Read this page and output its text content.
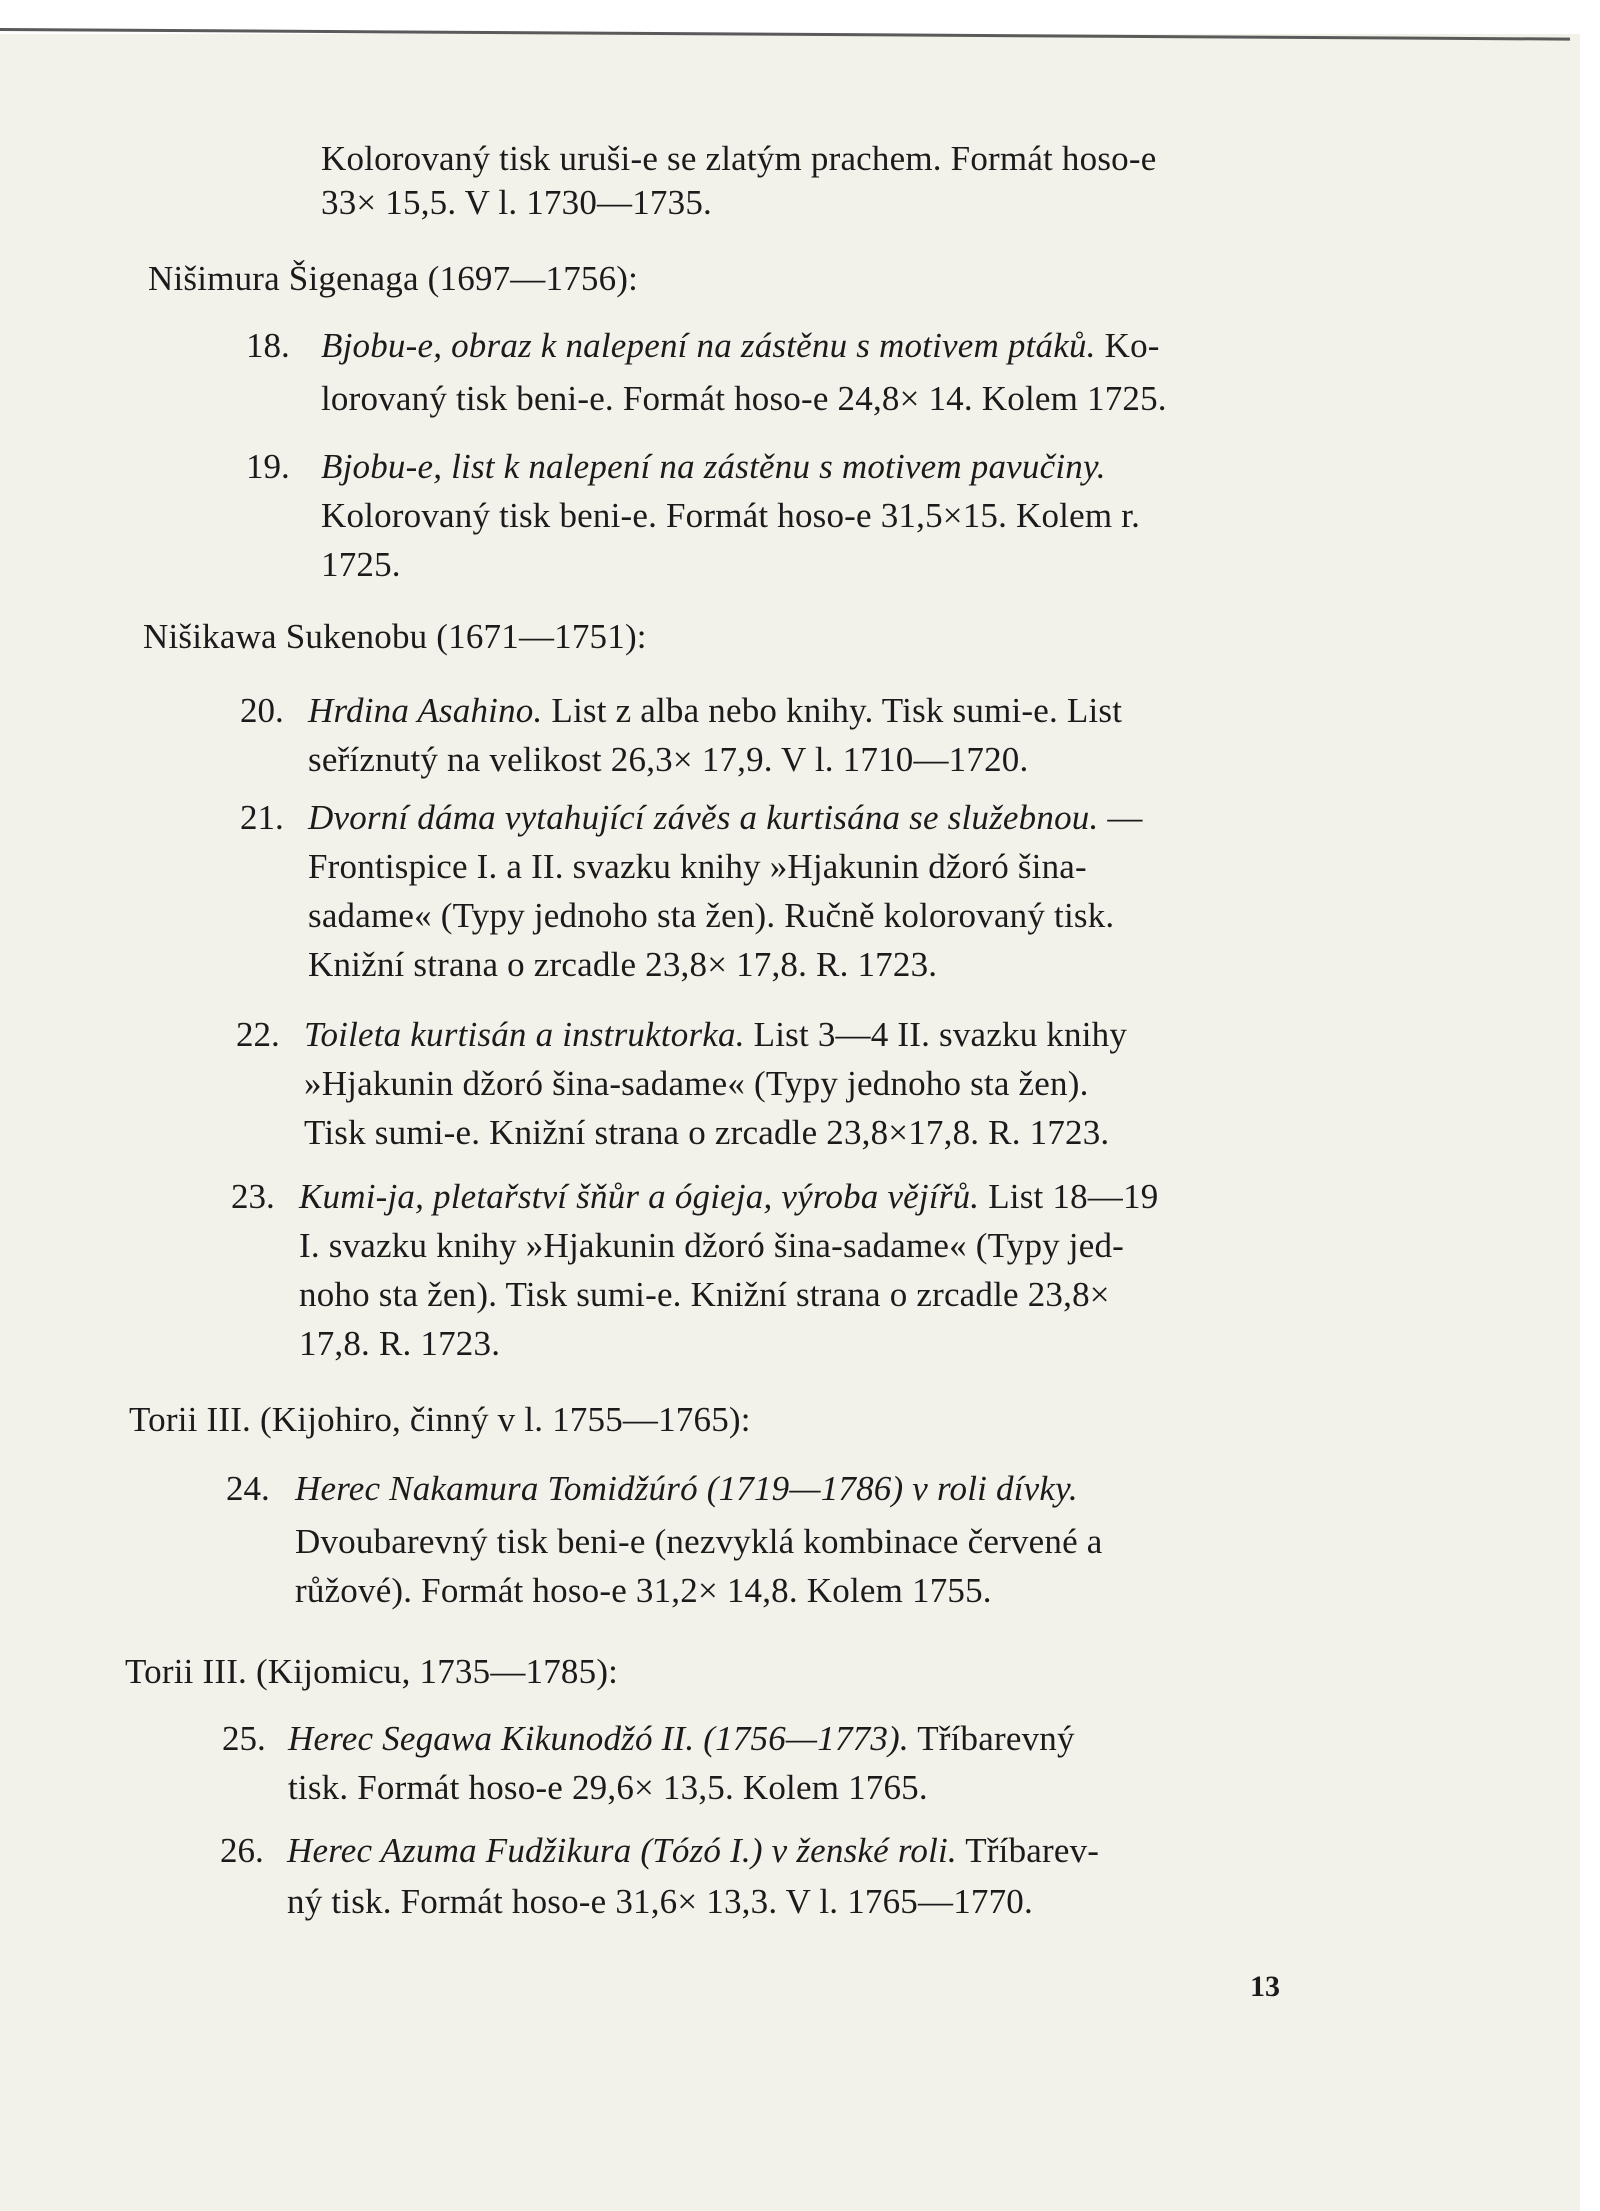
Kolorovaný tisk uruši-e se zlatým prachem. Formát hoso-e
33× 15,5. V l. 1730—1735.
Nišimura Šigenaga (1697—1756):
18. Bjobu-e, obraz k nalepení na zástěnu s motivem ptáků. Ko-
lorovaný tisk beni-e. Formát hoso-e 24,8× 14. Kolem 1725.
19. Bjobu-e, list k nalepení na zástěnu s motivem pavučiny.
Kolorovaný tisk beni-e. Formát hoso-e 31,5×15. Kolem r.
1725.
Nišikawa Sukenobu (1671—1751):
20. Hrdina Asahino. List z alba nebo knihy. Tisk sumi-e. List
seříznutý na velikost 26,3× 17,9. V l. 1710—1720.
21. Dvorní dáma vytahující závěs a kurtisána se služebnou. —
Frontispice I. a II. svazku knihy »Hjakunin džoró šina-
sadame« (Typy jednoho sta žen). Ručně kolorovaný tisk.
Knižní strana o zrcadle 23,8× 17,8. R. 1723.
22. Toileta kurtisán a instruktorka. List 3—4 II. svazku knihy
»Hjakunin džoró šina-sadame« (Typy jednoho sta žen).
Tisk sumi-e. Knižní strana o zrcadle 23,8×17,8. R. 1723.
23. Kumi-ja, pletařství šňůr a ógieja, výroba vějířů. List 18—19
I. svazku knihy »Hjakunin džoró šina-sadame« (Typy jed-
noho sta žen). Tisk sumi-e. Knižní strana o zrcadle 23,8×
17,8. R. 1723.
Torii III. (Kijohiro, činný v l. 1755—1765):
24. Herec Nakamura Tomidžúró (1719—1786) v roli dívky.
Dvoubarevný tisk beni-e (nezvyklá kombinace červené a
růžové). Formát hoso-e 31,2× 14,8. Kolem 1755.
Torii III. (Kijomicu, 1735—1785):
25. Herec Segawa Kikunodžó II. (1756—1773). Tříbarevný
tisk. Formát hoso-e 29,6× 13,5. Kolem 1765.
26. Herec Azuma Fudžikura (Tózó I.) v ženské roli. Tříbarev-
ný tisk. Formát hoso-e 31,6× 13,3. V l. 1765—1770.
13
